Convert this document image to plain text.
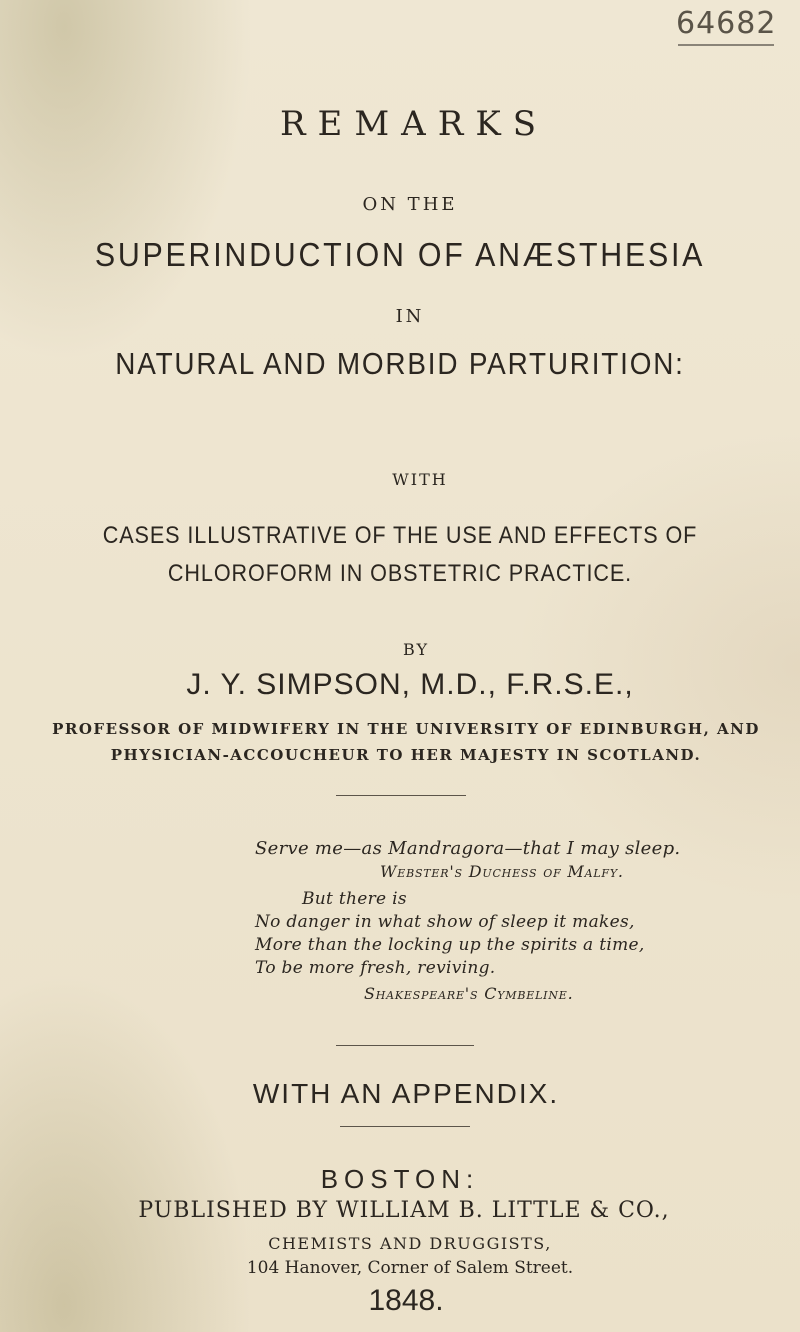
64682
REMARKS
ON THE
SUPERINDUCTION OF ANÆSTHESIA
IN
NATURAL AND MORBID PARTURITION:
WITH
CASES ILLUSTRATIVE OF THE USE AND EFFECTS OF
CHLOROFORM IN OBSTETRIC PRACTICE.
BY
J. Y. SIMPSON, M.D., F.R.S.E.,
PROFESSOR OF MIDWIFERY IN THE UNIVERSITY OF EDINBURGH, AND
PHYSICIAN-ACCOUCHEUR TO HER MAJESTY IN SCOTLAND.
Serve me—as Mandragora—that I may sleep.
Webster's Duchess of Malfy.
But there is
No danger in what show of sleep it makes,
More than the locking up the spirits a time,
To be more fresh, reviving.
Shakespeare's Cymbeline.
WITH AN APPENDIX.
BOSTON:
PUBLISHED BY WILLIAM B. LITTLE & CO.,
CHEMISTS AND DRUGGISTS,
104 Hanover, Corner of Salem Street.
1848.
